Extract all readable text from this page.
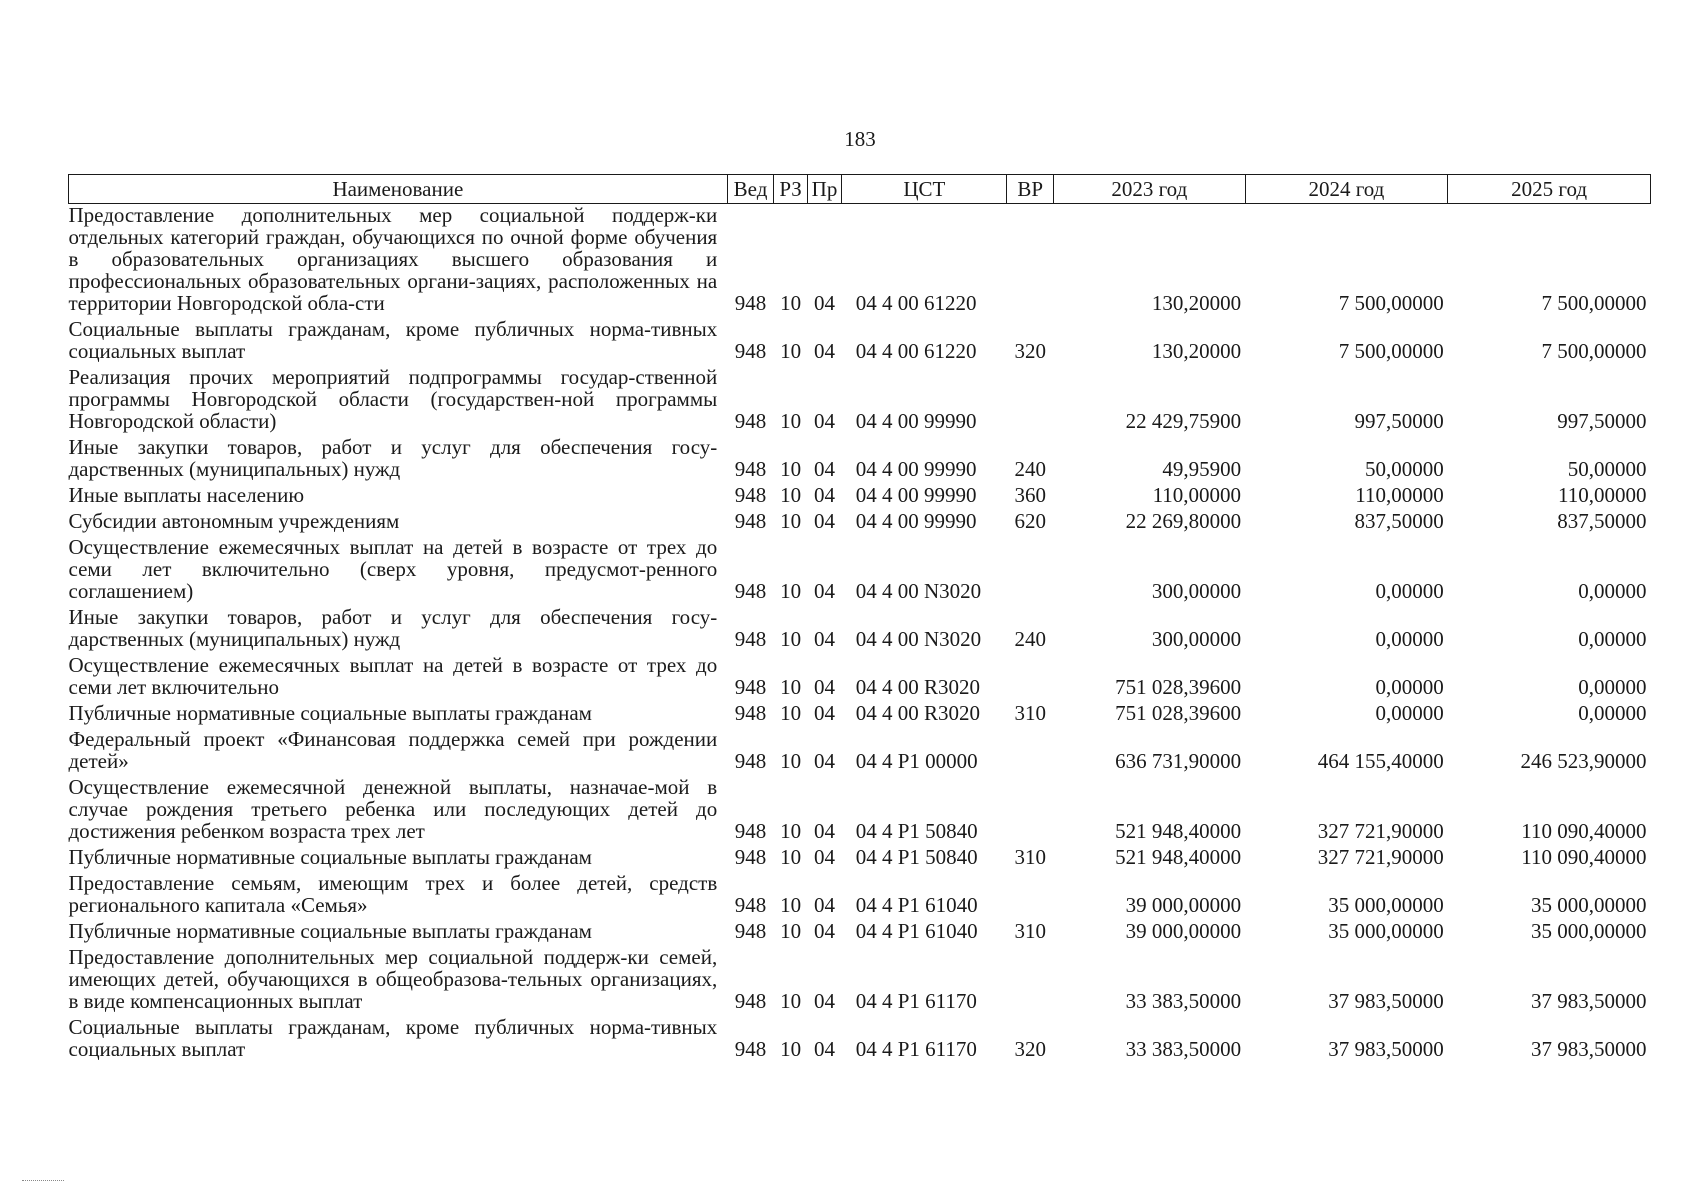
183
Наименование	Вед	РЗ	Пр	ЦСТ	ВР	2023 год	2024 год	2025 год
Предоставление дополнительных мер социальной поддерж-ки отдельных категорий граждан, обучающихся по очной форме обучения в образовательных организациях высшего образования и профессиональных образовательных органи-зациях, расположенных на территории Новгородской обла-сти	948	10	04	04 4 00 61220		130,20000	7 500,00000	7 500,00000
Социальные выплаты гражданам, кроме публичных норма-тивных социальных выплат	948	10	04	04 4 00 61220	320	130,20000	7 500,00000	7 500,00000
Реализация прочих мероприятий подпрограммы государ-ственной программы Новгородской области (государствен-ной программы Новгородской области)	948	10	04	04 4 00 99990		22 429,75900	997,50000	997,50000
Иные закупки товаров, работ и услуг для обеспечения госу-дарственных (муниципальных) нужд	948	10	04	04 4 00 99990	240	49,95900	50,00000	50,00000
Иные выплаты населению	948	10	04	04 4 00 99990	360	110,00000	110,00000	110,00000
Субсидии автономным учреждениям	948	10	04	04 4 00 99990	620	22 269,80000	837,50000	837,50000
Осуществление ежемесячных выплат на детей в возрасте от трех до семи лет включительно (сверх уровня, предусмот-ренного соглашением)	948	10	04	04 4 00 N3020		300,00000	0,00000	0,00000
Иные закупки товаров, работ и услуг для обеспечения госу-дарственных (муниципальных) нужд	948	10	04	04 4 00 N3020	240	300,00000	0,00000	0,00000
Осуществление ежемесячных выплат на детей в возрасте от трех до семи лет включительно	948	10	04	04 4 00 R3020		751 028,39600	0,00000	0,00000
Публичные нормативные социальные выплаты гражданам	948	10	04	04 4 00 R3020	310	751 028,39600	0,00000	0,00000
Федеральный проект «Финансовая поддержка семей при рождении детей»	948	10	04	04 4 P1 00000		636 731,90000	464 155,40000	246 523,90000
Осуществление ежемесячной денежной выплаты, назначае-мой в случае рождения третьего ребенка или последующих детей до достижения ребенком возраста трех лет	948	10	04	04 4 P1 50840		521 948,40000	327 721,90000	110 090,40000
Публичные нормативные социальные выплаты гражданам	948	10	04	04 4 P1 50840	310	521 948,40000	327 721,90000	110 090,40000
Предоставление семьям, имеющим трех и более детей, средств регионального капитала «Семья»	948	10	04	04 4 P1 61040		39 000,00000	35 000,00000	35 000,00000
Публичные нормативные социальные выплаты гражданам	948	10	04	04 4 P1 61040	310	39 000,00000	35 000,00000	35 000,00000
Предоставление дополнительных мер социальной поддерж-ки семей, имеющих детей, обучающихся в общеобразова-тельных организациях, в виде компенсационных выплат	948	10	04	04 4 P1 61170		33 383,50000	37 983,50000	37 983,50000
Социальные выплаты гражданам, кроме публичных норма-тивных социальных выплат	948	10	04	04 4 P1 61170	320	33 383,50000	37 983,50000	37 983,50000
